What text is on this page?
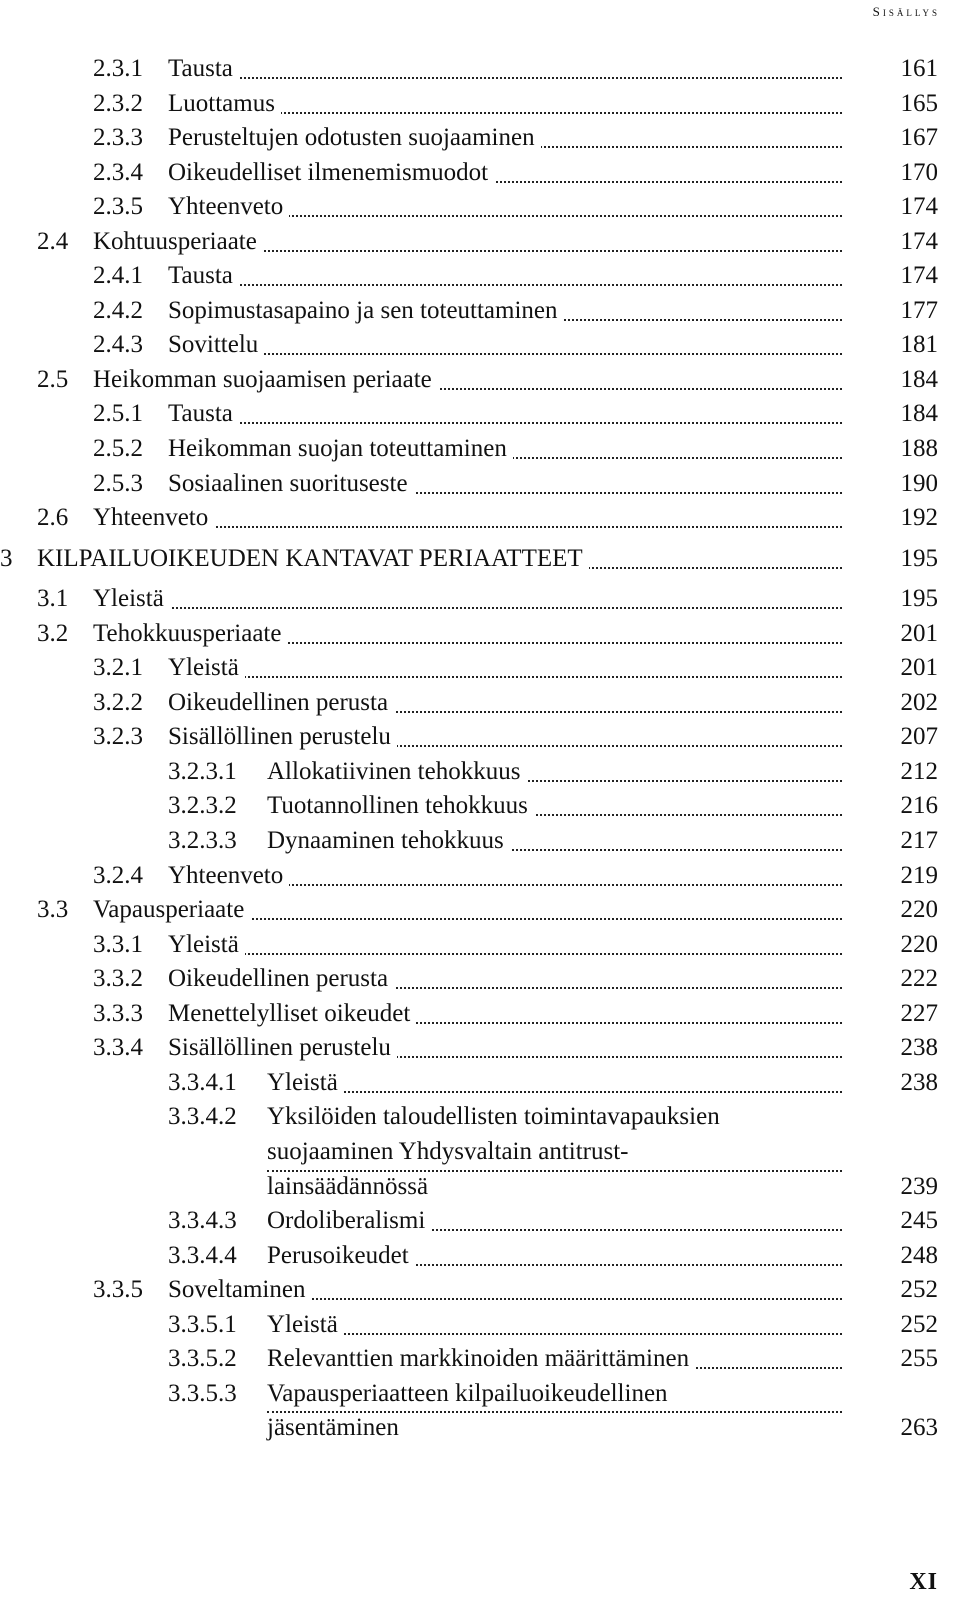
Sisällys
2.3.1 Tausta	161
2.3.2 Luottamus	165
2.3.3 Perusteltujen odotusten suojaaminen	167
2.3.4 Oikeudelliset ilmenemismuodot	170
2.3.5 Yhteenveto	174
2.4 Kohtuusperiaate	174
2.4.1 Tausta	174
2.4.2 Sopimustasapaino ja sen toteuttaminen	177
2.4.3 Sovittelu	181
2.5 Heikomman suojaamisen periaate	184
2.5.1 Tausta	184
2.5.2 Heikomman suojan toteuttaminen	188
2.5.3 Sosiaalinen suorituseste	190
2.6 Yhteenveto	192
3 KILPAILUOIKEUDEN KANTAVAT PERIAATTEET	195
3.1 Yleistä	195
3.2 Tehokkuusperiaate	201
3.2.1 Yleistä	201
3.2.2 Oikeudellinen perusta	202
3.2.3 Sisällöllinen perustelu	207
3.2.3.1 Allokatiivinen tehokkuus	212
3.2.3.2 Tuotannollinen tehokkuus	216
3.2.3.3 Dynaaminen tehokkuus	217
3.2.4 Yhteenveto	219
3.3 Vapausperiaate	220
3.3.1 Yleistä	220
3.3.2 Oikeudellinen perusta	222
3.3.3 Menettelylliset oikeudet	227
3.3.4 Sisällöllinen perustelu	238
3.3.4.1 Yleistä	238
3.3.4.2 Yksilöiden taloudellisten toimintavapauksien
suojaaminen Yhdysvaltain antitrust-
lainsäädännössä	239
3.3.4.3 Ordoliberalismi	245
3.3.4.4 Perusoikeudet	248
3.3.5 Soveltaminen	252
3.3.5.1 Yleistä	252
3.3.5.2 Relevanttien markkinoiden määrittäminen	255
3.3.5.3 Vapausperiaatteen kilpailuoikeudellinen
jäsentäminen	263
XI
